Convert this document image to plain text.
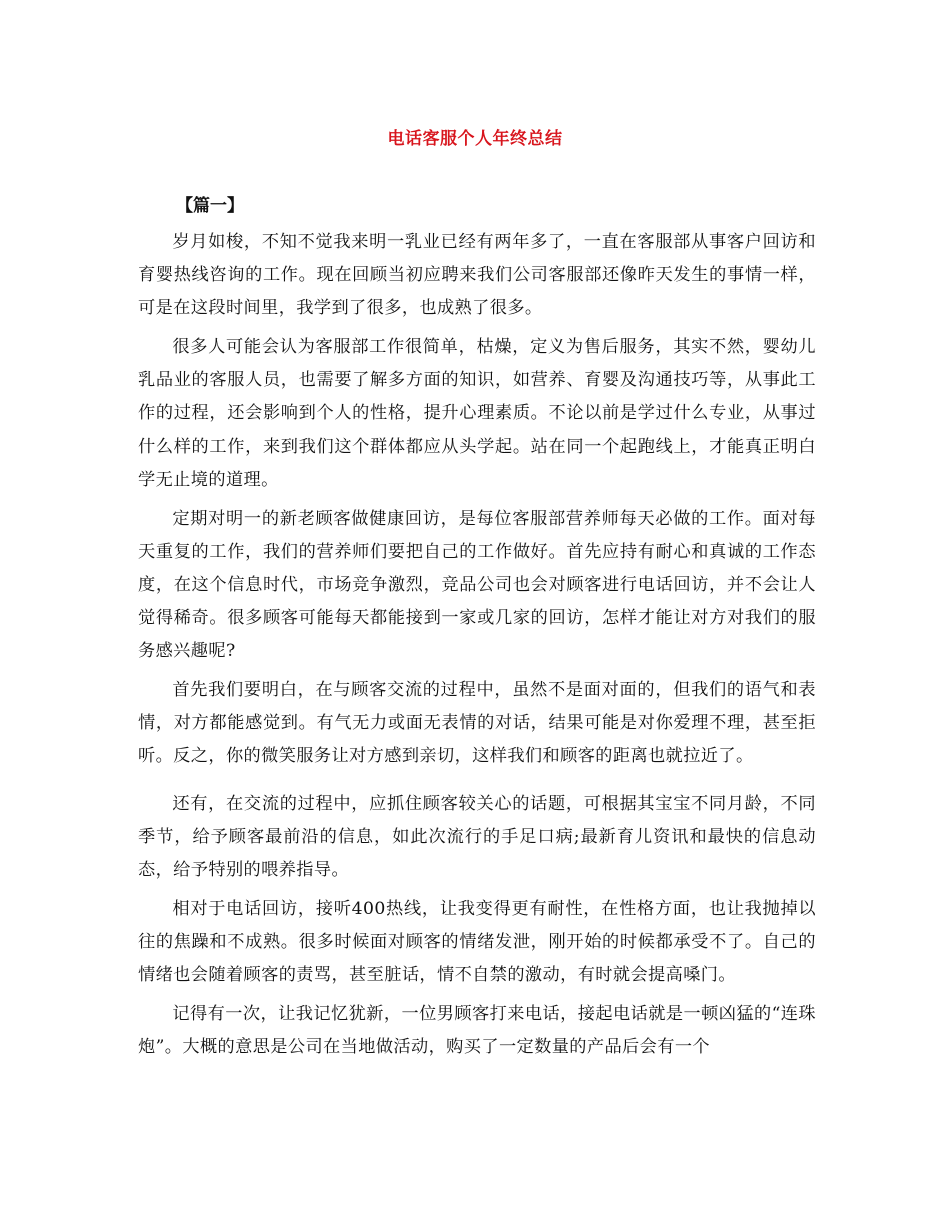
电话客服个人年终总结
【篇一】

岁月如梭，不知不觉我来明一乳业已经有两年多了，一直在客服部从事客户回访和育婴热线咨询的工作。现在回顾当初应聘来我们公司客服部还像昨天发生的事情一样，可是在这段时间里，我学到了很多，也成熟了很多。

很多人可能会认为客服部工作很简单，枯燥，定义为售后服务，其实不然，婴幼儿乳品业的客服人员，也需要了解多方面的知识，如营养、育婴及沟通技巧等，从事此工作的过程，还会影响到个人的性格，提升心理素质。不论以前是学过什么专业，从事过什么样的工作，来到我们这个群体都应从头学起。站在同一个起跑线上，才能真正明白学无止境的道理。

定期对明一的新老顾客做健康回访，是每位客服部营养师每天必做的工作。面对每天重复的工作，我们的营养师们要把自己的工作做好。首先应持有耐心和真诚的工作态度，在这个信息时代，市场竞争激烈，竞品公司也会对顾客进行电话回访，并不会让人觉得稀奇。很多顾客可能每天都能接到一家或几家的回访，怎样才能让对方对我们的服务感兴趣呢?

首先我们要明白，在与顾客交流的过程中，虽然不是面对面的，但我们的语气和表情，对方都能感觉到。有气无力或面无表情的对话，结果可能是对你爱理不理，甚至拒听。反之，你的微笑服务让对方感到亲切，这样我们和顾客的距离也就拉近了。

还有，在交流的过程中，应抓住顾客较关心的话题，可根据其宝宝不同月龄，不同季节，给予顾客最前沿的信息，如此次流行的手足口病;最新育儿资讯和最快的信息动态，给予特别的喂养指导。

相对于电话回访，接听400热线，让我变得更有耐性，在性格方面，也让我抛掉以往的焦躁和不成熟。很多时候面对顾客的情绪发泄，刚开始的时候都承受不了。自己的情绪也会随着顾客的责骂，甚至脏话，情不自禁的激动，有时就会提高嗓门。

记得有一次，让我记忆犹新，一位男顾客打来电话，接起电话就是一顿凶猛的“连珠炮”。大概的意思是公司在当地做活动，购买了一定数量的产品后会有一个
